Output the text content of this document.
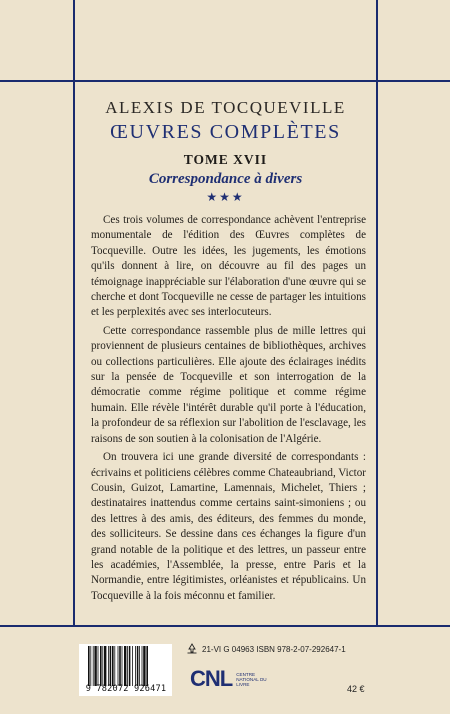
ALEXIS DE TOCQUEVILLE
ŒUVRES COMPLÈTES
TOME XVII
Correspondance à divers
★★★

Ces trois volumes de correspondance achèvent l'entreprise monumentale de l'édition des Œuvres complètes de Tocqueville. Outre les idées, les jugements, les émotions qu'ils donnent à lire, on découvre au fil des pages un témoignage inappréciable sur l'élaboration d'une œuvre qui se cherche et dont Tocqueville ne cesse de partager les intuitions et les perplexités avec ses interlocuteurs.

Cette correspondance rassemble plus de mille lettres qui proviennent de plusieurs centaines de bibliothèques, archives ou collections particulières. Elle ajoute des éclairages inédits sur la pensée de Tocqueville et son interrogation de la démocratie comme régime politique et comme régime humain. Elle révèle l'intérêt durable qu'il porte à l'éducation, la profondeur de sa réflexion sur l'abolition de l'esclavage, les raisons de son soutien à la colonisation de l'Algérie.

On trouvera ici une grande diversité de correspondants : écrivains et politiciens célèbres comme Chateaubriand, Victor Cousin, Guizot, Lamartine, Lamennais, Michelet, Thiers ; destinataires inattendus comme certains saint-simoniens ; ou des lettres à des amis, des éditeurs, des femmes du monde, des solliciteurs. Se dessine dans ces échanges la figure d'un grand notable de la politique et des lettres, un passeur entre les académies, l'Assemblée, la presse, entre Paris et la Normandie, entre légitimistes, orléanistes et républicains. Un Tocqueville à la fois méconnu et familier.

9 782072 926471
21-VI G 04963 ISBN 978-2-07-292647-1
CNL CENTRE NATIONAL DU LIVRE	42 €
